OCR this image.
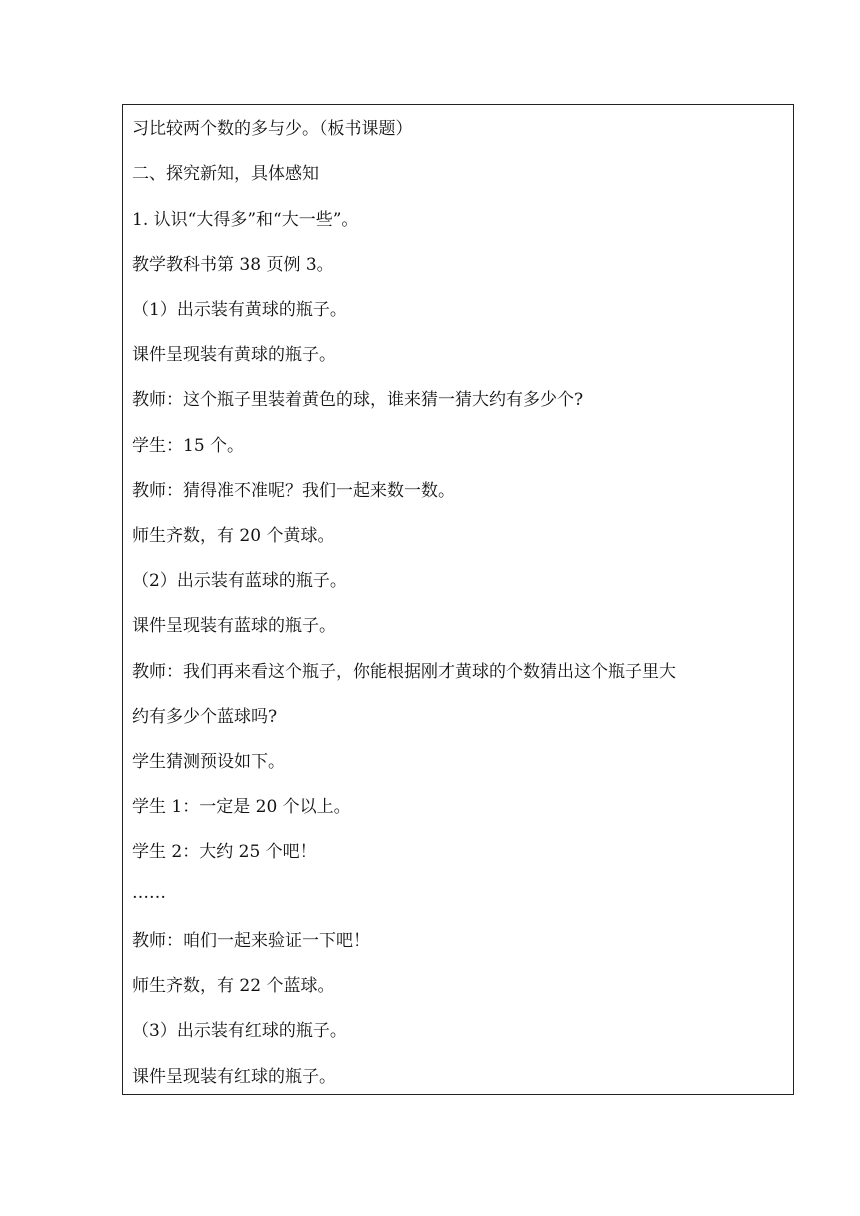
习比较两个数的多与少。（板书课题）
二、探究新知，具体感知
1. 认识“大得多”和“大一些”。
教学教科书第 38 页例 3。
（1）出示装有黄球的瓶子。
课件呈现装有黄球的瓶子。
教师：这个瓶子里装着黄色的球，谁来猜一猜大约有多少个?
学生：15 个。
教师：猜得准不准呢？我们一起来数一数。
师生齐数，有 20 个黄球。
（2）出示装有蓝球的瓶子。
课件呈现装有蓝球的瓶子。
教师：我们再来看这个瓶子，你能根据刚才黄球的个数猜出这个瓶子里大
约有多少个蓝球吗?
学生猜测预设如下。
学生 1：一定是 20 个以上。
学生 2：大约 25 个吧！
……
教师：咱们一起来验证一下吧！
师生齐数，有 22 个蓝球。
（3）出示装有红球的瓶子。
课件呈现装有红球的瓶子。
